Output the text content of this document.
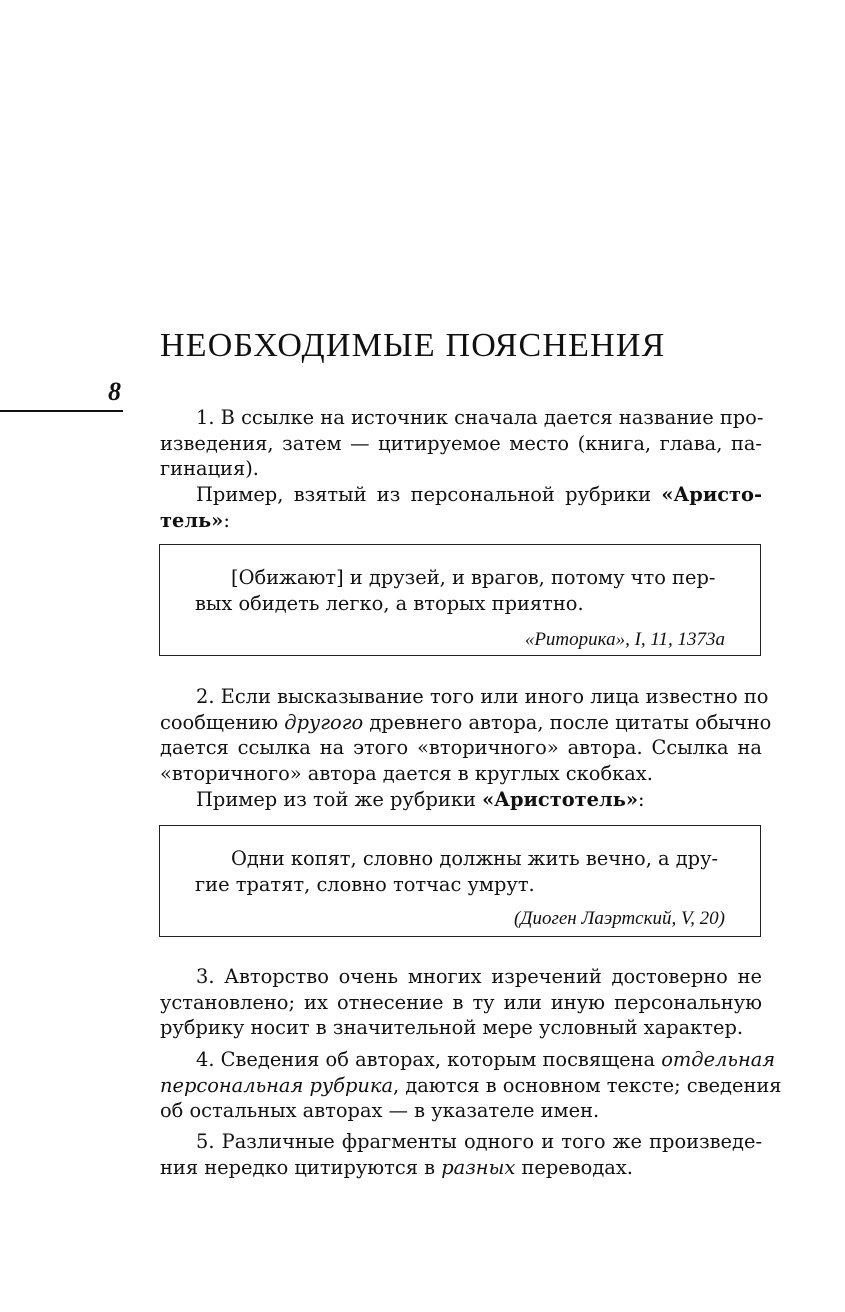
НЕОБХОДИМЫЕ ПОЯСНЕНИЯ
8

1. В ссылке на источник сначала дается название про-
изведения, затем — цитируемое место (книга, глава, па-
гинация).

Пример, взятый из персональной рубрики «Аристо-
тель»:

[Обижают] и друзей, и врагов, потому что пер-
вых обидеть легко, а вторых приятно.
«Риторика», I, 11, 1373a

2. Если высказывание того или иного лица известно по
сообщению другого древнего автора, после цитаты обычно
дается ссылка на этого «вторичного» автора. Ссылка на
«вторичного» автора дается в круглых скобках.

Пример из той же рубрики «Аристотель»:

Одни копят, словно должны жить вечно, а дру-
гие тратят, словно тотчас умрут.
(Диоген Лаэртский, V, 20)

3. Авторство очень многих изречений достоверно не
установлено; их отнесение в ту или иную персональную
рубрику носит в значительной мере условный характер.

4. Сведения об авторах, которым посвящена отдельная
персональная рубрика, даются в основном тексте; сведения
об остальных авторах — в указателе имен.

5. Различные фрагменты одного и того же произведе-
ния нередко цитируются в разных переводах.
